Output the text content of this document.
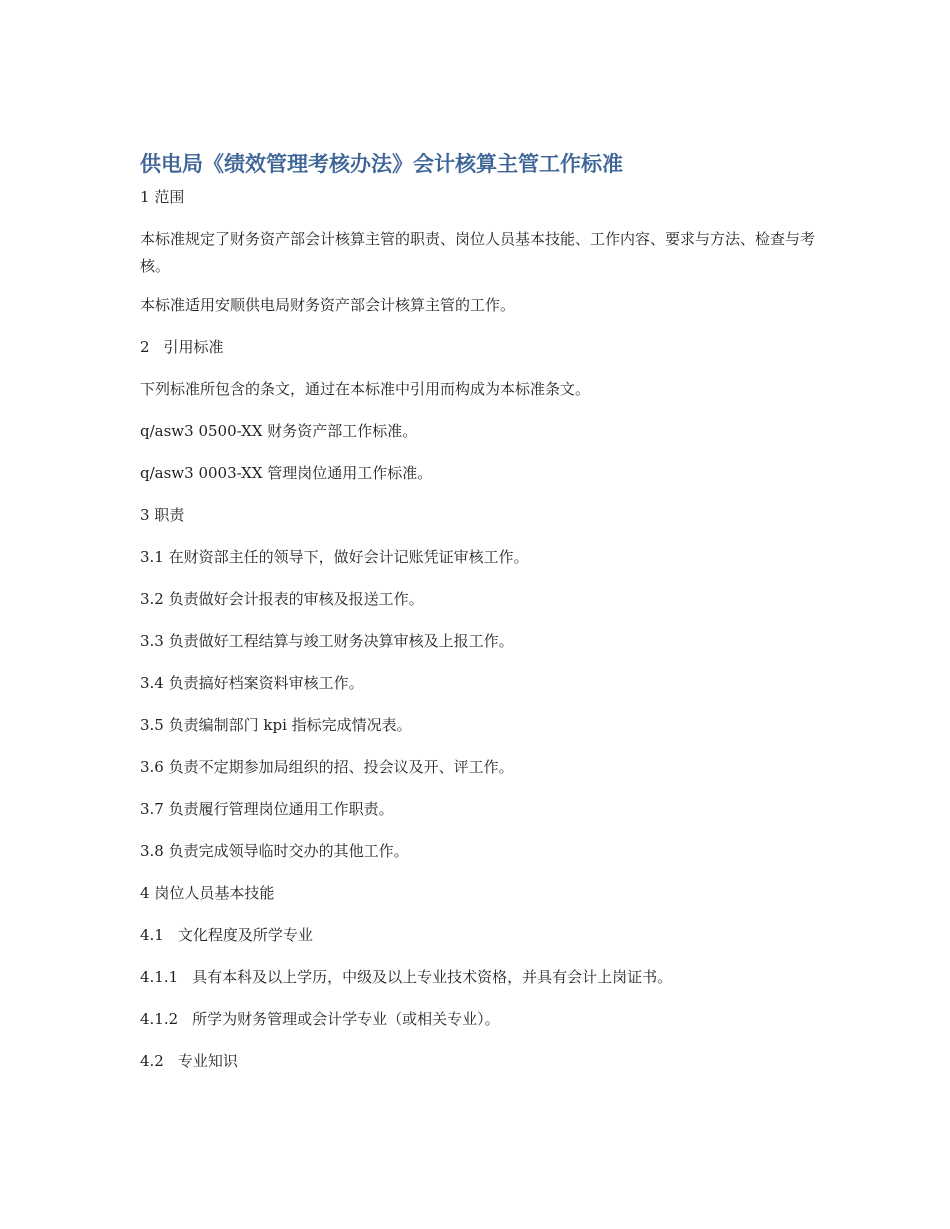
供电局《绩效管理考核办法》会计核算主管工作标准

1 范围

本标准规定了财务资产部会计核算主管的职责、岗位人员基本技能、工作内容、要求与方法、检查与考核。

本标准适用安顺供电局财务资产部会计核算主管的工作。

2 引用标准

下列标准所包含的条文，通过在本标准中引用而构成为本标准条文。

q/asw3 0500-XX 财务资产部工作标准。

q/asw3 0003-XX 管理岗位通用工作标准。

3 职责

3.1 在财资部主任的领导下，做好会计记账凭证审核工作。

3.2 负责做好会计报表的审核及报送工作。

3.3 负责做好工程结算与竣工财务决算审核及上报工作。

3.4 负责搞好档案资料审核工作。

3.5 负责编制部门 kpi 指标完成情况表。

3.6 负责不定期参加局组织的招、投会议及开、评工作。

3.7 负责履行管理岗位通用工作职责。

3.8 负责完成领导临时交办的其他工作。

4 岗位人员基本技能

4.1 文化程度及所学专业

4.1.1 具有本科及以上学历，中级及以上专业技术资格，并具有会计上岗证书。

4.1.2 所学为财务管理或会计学专业（或相关专业）。

4.2 专业知识
